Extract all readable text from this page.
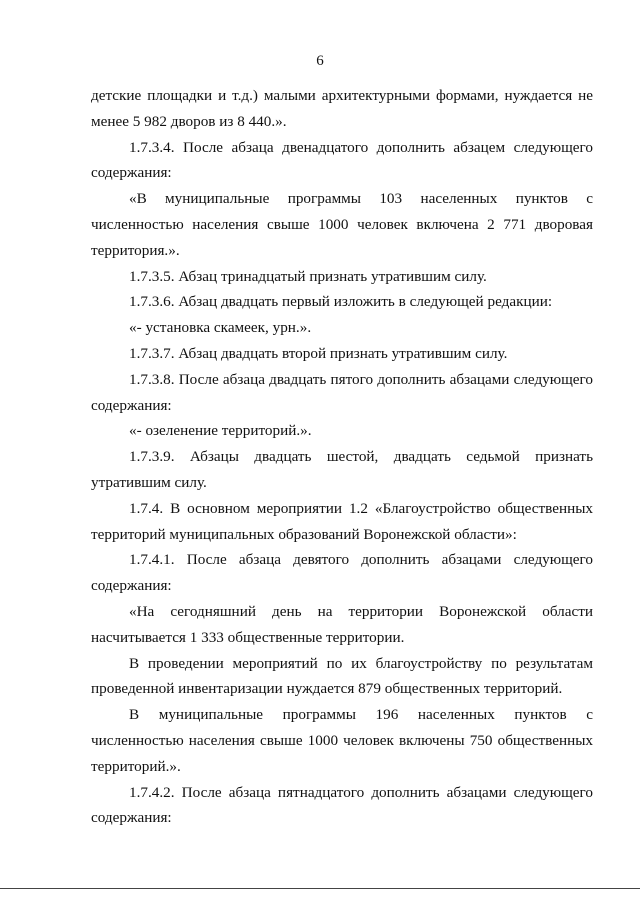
6

детские площадки и т.д.) малыми архитектурными формами, нуждается не менее 5 982 дворов из 8 440.».

1.7.3.4. После абзаца двенадцатого дополнить абзацем следующего содержания:

«В муниципальные программы 103 населенных пунктов с численностью населения свыше 1000 человек включена 2 771 дворовая территория.».

1.7.3.5. Абзац тринадцатый признать утратившим силу.

1.7.3.6. Абзац двадцать первый изложить в следующей редакции:

«- установка скамеек, урн.».

1.7.3.7. Абзац двадцать второй признать утратившим силу.

1.7.3.8. После абзаца двадцать пятого дополнить абзацами следующего содержания:

«- озеленение территорий.».

1.7.3.9. Абзацы двадцать шестой, двадцать седьмой признать утратившим силу.

1.7.4. В основном мероприятии 1.2 «Благоустройство общественных территорий муниципальных образований Воронежской области»:

1.7.4.1. После абзаца девятого дополнить абзацами следующего содержания:

«На сегодняшний день на территории Воронежской области насчитывается 1 333 общественные территории.

В проведении мероприятий по их благоустройству по результатам проведенной инвентаризации нуждается 879 общественных территорий.

В муниципальные программы 196 населенных пунктов с численностью населения свыше 1000 человек включены 750 общественных территорий.».

1.7.4.2. После абзаца пятнадцатого дополнить абзацами следующего содержания:
